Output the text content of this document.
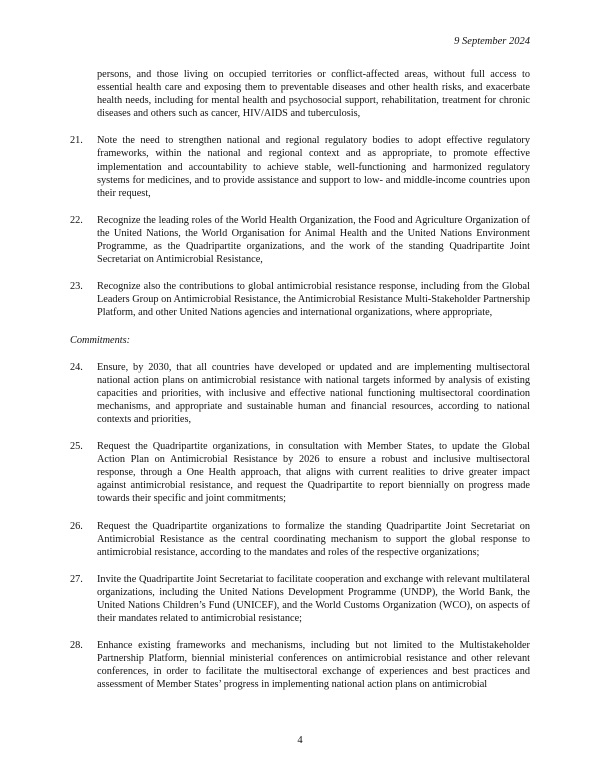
9 September 2024
persons, and those living on occupied territories or conflict-affected areas, without full access to essential health care and exposing them to preventable diseases and other health risks, and exacerbate health needs, including for mental health and psychosocial support, rehabilitation, treatment for chronic diseases and others such as cancer, HIV/AIDS and tuberculosis,
21. Note the need to strengthen national and regional regulatory bodies to adopt effective regulatory frameworks, within the national and regional context and as appropriate, to promote effective implementation and accountability to achieve stable, well-functioning and harmonized regulatory systems for medicines, and to provide assistance and support to low- and middle-income countries upon their request,
22. Recognize the leading roles of the World Health Organization, the Food and Agriculture Organization of the United Nations, the World Organisation for Animal Health and the United Nations Environment Programme, as the Quadripartite organizations, and the work of the standing Quadripartite Joint Secretariat on Antimicrobial Resistance,
23. Recognize also the contributions to global antimicrobial resistance response, including from the Global Leaders Group on Antimicrobial Resistance, the Antimicrobial Resistance Multi-Stakeholder Partnership Platform, and other United Nations agencies and international organizations, where appropriate,
Commitments:
24. Ensure, by 2030, that all countries have developed or updated and are implementing multisectoral national action plans on antimicrobial resistance with national targets informed by analysis of existing capacities and priorities, with inclusive and effective national functioning multisectoral coordination mechanisms, and appropriate and sustainable human and financial resources, according to national contexts and priorities,
25. Request the Quadripartite organizations, in consultation with Member States, to update the Global Action Plan on Antimicrobial Resistance by 2026 to ensure a robust and inclusive multisectoral response, through a One Health approach, that aligns with current realities to drive greater impact against antimicrobial resistance, and request the Quadripartite to report biennially on progress made towards their specific and joint commitments;
26. Request the Quadripartite organizations to formalize the standing Quadripartite Joint Secretariat on Antimicrobial Resistance as the central coordinating mechanism to support the global response to antimicrobial resistance, according to the mandates and roles of the respective organizations;
27. Invite the Quadripartite Joint Secretariat to facilitate cooperation and exchange with relevant multilateral organizations, including the United Nations Development Programme (UNDP), the World Bank, the United Nations Children’s Fund (UNICEF), and the World Customs Organization (WCO), on aspects of their mandates related to antimicrobial resistance;
28. Enhance existing frameworks and mechanisms, including but not limited to the Multistakeholder Partnership Platform, biennial ministerial conferences on antimicrobial resistance and other relevant conferences, in order to facilitate the multisectoral exchange of experiences and best practices and assessment of Member States’ progress in implementing national action plans on antimicrobial
4
